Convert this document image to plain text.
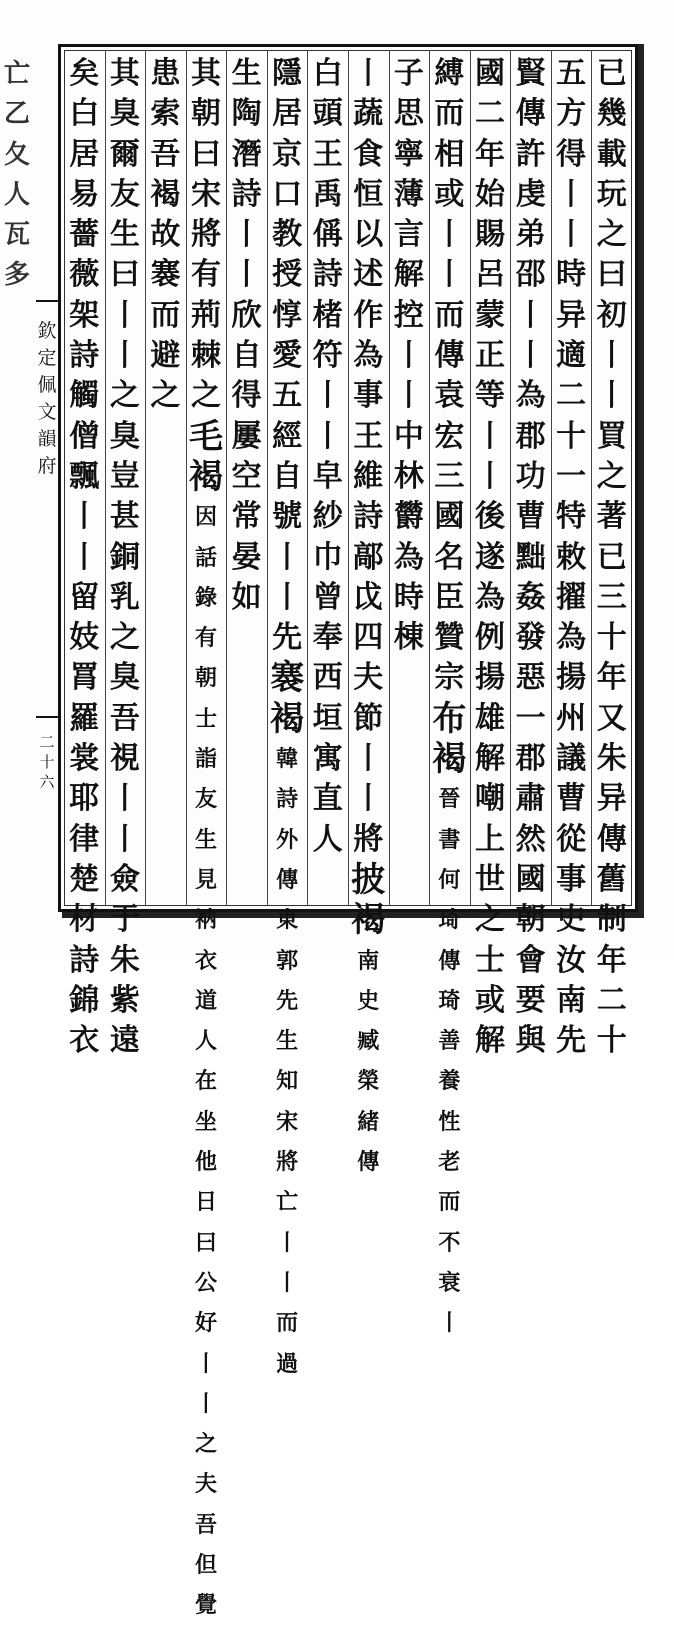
亡
乙
夂
人
瓦
多
欽
定
佩
文
韻
府
二
十
六
已
幾
載
玩
之
曰
初
丨
丨
買
之
著
已
三
十
年
又
朱
异
傳
舊
制
年
二
十
五
方
得
丨
丨
時
异
適
二
十
一
特
敕
擢
為
揚
州
議
曹
從
事
史
汝
南
先
賢
傳
許
虔
弟
邵
丨
丨
為
郡
功
曹
黜
姦
發
惡
一
郡
肅
然
國
朝
會
要
與
國
二
年
始
賜
呂
蒙
正
等
丨
丨
後
遂
為
例
揚
雄
解
嘲
上
世
之
士
或
解
縛
而
相
或
丨
丨
而
傳
袁
宏
三
國
名
臣
贊
宗
布
褐
晉
書
何
琦
傳
琦
善
養
性
老
而
不
衰
丨
子
思
寧
薄
言
解
控
丨
丨
中
林
欝
為
時
棟
丨
蔬
食
恒
以
述
作
為
事
王
維
詩
鄗
戉
四
夫
節
丨
丨
將
披
褐
南
史
臧
榮
緒
傳
白
頭
王
禹
偁
詩
楮
符
丨
丨
皁
紗
巾
曾
奉
西
垣
寓
直
人
隱
居
京
口
教
授
惇
愛
五
經
自
號
丨
丨
先
褰
褐
韓
詩
外
傳
東
郭
先
生
知
宋
將
亡
丨
丨
而
過
生
陶
潛
詩
丨
丨
欣
自
得
屢
空
常
晏
如
其
朝
曰
宋
將
有
荊
棘
之
毛
褐
因
話
錄
有
朝
士
詣
友
生
見
衲
衣
道
人
在
坐
他
日
曰
公
好
丨
丨
之
夫
吾
但
覺
患
索
吾
褐
故
褰
而
避
之
其
臭
爾
友
生
曰
丨
丨
之
臭
豈
甚
銅
乳
之
臭
吾
視
丨
丨
僉
于
朱
紫
遠
矣
白
居
易
薔
薇
架
詩
觸
僧
飄
丨
丨
留
妓
罥
羅
裳
耶
律
楚
材
詩
錦
衣
